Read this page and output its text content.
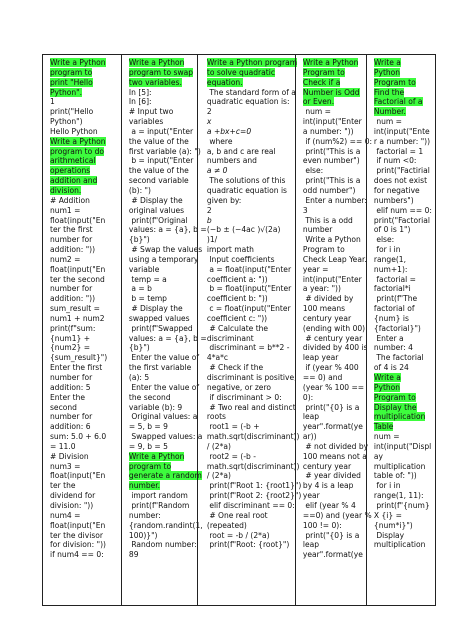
Write a Python
program to
print "Hello
Python".
1
print("Hello
Python")
Hello Python
Write a Python
program to do
arithmetical
operations
addition and
division.
# Addition
num1 =
float(input("En
ter the first
number for
addition: "))
num2 =
float(input("En
ter the second
number for
addition: "))
sum_result =
num1 + num2
print(f"sum:
{num1} +
{num2} =
{sum_result}")
Enter the first
number for
addition: 5
Enter the
second
number for
addition: 6
sum: 5.0 + 6.0
= 11.0
# Division
num3 =
float(input("En
ter the
dividend for
division: "))
num4 =
float(input("En
ter the divisor
for division: "))
if num4 == 0:
Write a Python
program to swap
two variables.
In [5]:
In [6]:
# Input two
variables
a = input("Enter
the value of the
first variable (a): ")
b = input("Enter
the value of the
second variable
(b): ")
# Display the
original values
print(f"Original
values: a = {a}, b =
{b}")
# Swap the values
using a temporary
variable
temp = a
a = b
b = temp
# Display the
swapped values
print(f"Swapped
values: a = {a}, b =
{b}")
Enter the value of
the first variable
(a): 5
Enter the value of
the second
variable (b): 9
Original values: a
= 5, b = 9
Swapped values: a
= 9, b = 5
Write a Python
program to
generate a random
number.
import random
print(f"Random
number:
{random.randint(1,
100)}")
Random number:
89
Write a Python program
to solve quadratic
equation.
The standard form of a
quadratic equation is:
2
x
a +bx+c=0
where
a, b and c are real
numbers and
a ≠ 0
The solutions of this
quadratic equation is
given by:
2
b
(−b ± (−4ac )√(2a)
)1/
import math
Input coefficients
a = float(input("Enter
coefficient a: "))
b = float(input("Enter
coefficient b: "))
c = float(input("Enter
coefficient c: "))
# Calculate the
discriminant
discriminant = b**2 -
4*a*c
# Check if the
discriminant is positive,
negative, or zero
if discriminant > 0:
# Two real and distinct
roots
root1 = (-b +
math.sqrt(discriminant))
/ (2*a)
root2 = (-b -
math.sqrt(discriminant))
/ (2*a)
print(f"Root 1: {root1}")
print(f"Root 2: {root2}")
elif discriminant == 0:
# One real root
(repeated)
root = -b / (2*a)
print(f"Root: {root}")
Write a Python
Program to
Check if a
Number is Odd
or Even.
num =
int(input("Enter
a number: "))
if (num%2) == 0:
print("This is a
even number")
else:
print("This is a
odd number")
Enter a number:
3
This is a odd
number
Write a Python
Program to
Check Leap Year.
year =
int(input("Enter
a year: "))
# divided by
100 means
century year
(ending with 00)
# century year
divided by 400 is
leap year
if (year % 400
== 0) and
(year % 100 ==
0):
print("{0} is a
leap
year".format(ye
ar))
# not divided by
100 means not a
century year
# year divided
by 4 is a leap
year
elif (year % 4
==0) and (year %
100 != 0):
print("{0} is a
leap
year".format(ye
Write a
Python
Program to
Find the
Factorial of a
Number.
num =
int(input("Ente
r a number: "))
factorial = 1
if num <0:
print("Factirial
does not exist
for negative
numbers")
elif num == 0:
print("Factorial
of 0 is 1")
else:
for i in
range(1,
num+1):
factorial =
factorial*i
print(f"The
factorial of
{num} is
{factorial}")
Enter a
number: 4
The factorial
of 4 is 24
Write a
Python
Program to
Display the
multiplication
Table
num =
int(input("Displ
ay
multiplication
table of: "))
for i in
range(1, 11):
print(f"{num}
X {i} =
{num*i}")
Display
multiplication
